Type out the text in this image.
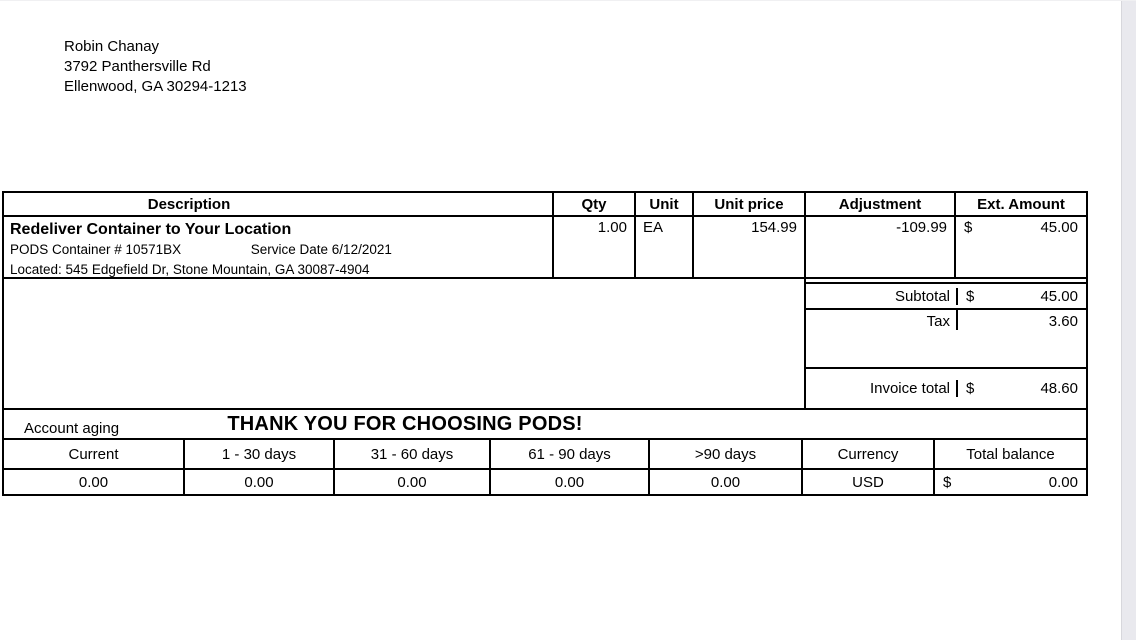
Robin Chanay
3792 Panthersville Rd
Ellenwood, GA 30294-1213
Description	Qty	Unit	Unit price	Adjustment	Ext. Amount
Redeliver Container to Your Location
PODS Container # 10571BX	Service Date 6/12/2021
Located: 545 Edgefield Dr, Stone Mountain, GA 30087-4904
1.00	EA	154.99	-109.99	$	45.00
Subtotal	$	45.00
Tax	3.60
Invoice total	$	48.60
THANK YOU FOR CHOOSING PODS!
Account aging
Current	1 - 30 days	31 - 60 days	61 - 90 days	>90 days	Currency	Total balance
0.00	0.00	0.00	0.00	0.00	USD	$	0.00
